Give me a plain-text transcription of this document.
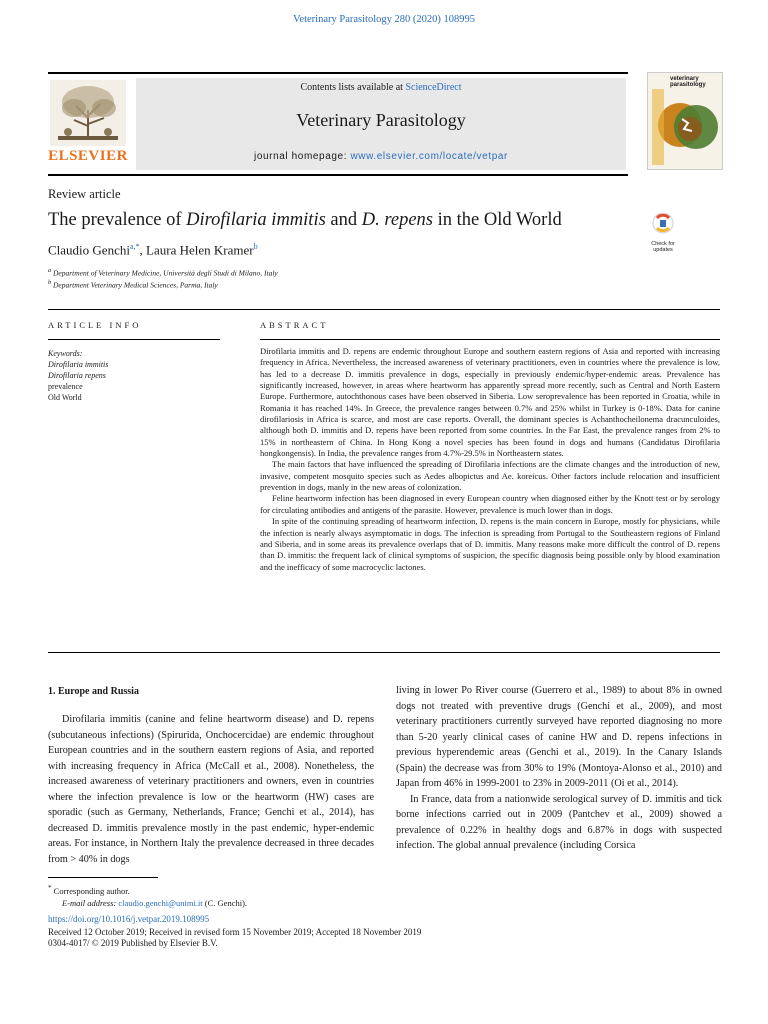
Veterinary Parasitology 280 (2020) 108995
ELSEVIER
Contents lists available at ScienceDirect
Veterinary Parasitology
journal homepage: www.elsevier.com/locate/vetpar
veterinary parasitology
Review article
The prevalence of Dirofilaria immitis and D. repens in the Old World
Check for updates
Claudio Genchi$^{a,*}$, Laura Helen Kramer$^b$
$^a$ Department of Veterinary Medicine, Università degli Studi di Milano, Italy
$^b$ Department Veterinary Medical Sciences, Parma, Italy
ARTICLE INFO	ABSTRACT
Keywords:
Dirofilaria immitis
Dirofilaria repens
prevalence
Old World

Dirofilaria immitis and D. repens are endemic throughout Europe and southern eastern regions of Asia and reported with increasing frequency in Africa. Nevertheless, the increased awareness of veterinary practitioners, even in countries where the prevalence is low, has led to a decrease D. immitis prevalence in dogs, especially in previously endemic/hyper-endemic areas. Prevalence has significantly increased, however, in areas where heartworm has apparently spread more recently, such as Central and North Eastern Europe. Furthermore, autochthonous cases have been observed in Siberia. Low seroprevalence has been reported in Croatia, while in Romania it has reached 14%. In Greece, the prevalence ranges between 0.7% and 25% whilst in Turkey is 0-18%. Data for canine dirofilariosis in Africa is scarce, and most are case reports. Overall, the dominant species is Achanthocheilonema dracunculoides, although both D. immitis and D. repens have been reported from some countries. In the Far East, the prevalence ranges from 2% to 15% in northeastern of China. In Hong Kong a novel species has been found in dogs and humans (Candidatus Dirofilaria hongkongensis). In India, the prevalence ranges from 4.7%-29.5% in Northeastern states.

The main factors that have influenced the spreading of Dirofilaria infections are the climate changes and the introduction of new, invasive, competent mosquito species such as Aedes albopictus and Ae. koreicus. Other factors include relocation and insufficient prevention in dogs, manly in the new areas of colonization.

Feline heartworm infection has been diagnosed in every European country when diagnosed either by the Knott test or by serology for circulating antibodies and antigens of the parasite. However, prevalence is much lower than in dogs.

In spite of the continuing spreading of heartworm infection, D. repens is the main concern in Europe, mostly for physicians, while the infection is nearly always asymptomatic in dogs. The infection is spreading from Portugal to the Southeastern regions of Finland and Siberia, and in some areas its prevalence overlaps that of D. immitis. Many reasons make more difficult the control of D. repens than D. immitis: the frequent lack of clinical symptoms of suspicion, the specific diagnosis being possible only by blood examination and the inefficacy of some macrocyclic lactones.

1. Europe and Russia

Dirofilaria immitis (canine and feline heartworm disease) and D. repens (subcutaneous infections) (Spirurida, Onchocercidae) are endemic throughout European countries and in the southern eastern regions of Asia, and reported with increasing frequency in Africa (McCall et al., 2008). Nonetheless, the increased awareness of veterinary practitioners and owners, even in countries where the infection prevalence is low or the heartworm (HW) cases are sporadic (such as Germany, Netherlands, France; Genchi et al., 2014), has decreased D. immitis prevalence mostly in the past endemic, hyper-endemic areas. For instance, in Northern Italy the prevalence decreased in three decades from > 40% in dogs

living in lower Po River course (Guerrero et al., 1989) to about 8% in owned dogs not treated with preventive drugs (Genchi et al., 2009), and most veterinary practitioners currently surveyed have reported diagnosing no more than 5-20 yearly clinical cases of canine HW and D. repens infections in previous hyperendemic areas (Genchi et al., 2019). In the Canary Islands (Spain) the decrease was from 30% to 19% (Montoya-Alonso et al., 2010) and Japan from 46% in 1999-2001 to 23% in 2009-2011 (Oi et al., 2014).

In France, data from a nationwide serological survey of D. immitis and tick borne infections carried out in 2009 (Pantchev et al., 2009) showed a prevalence of 0.22% in healthy dogs and 6.87% in dogs with suspected infection. The global annual prevalence (including Corsica

* Corresponding author.
E-mail address: claudio.genchi@unimi.it (C. Genchi).
https://doi.org/10.1016/j.vetpar.2019.108995
Received 12 October 2019; Received in revised form 15 November 2019; Accepted 18 November 2019
0304-4017/ © 2019 Published by Elsevier B.V.
